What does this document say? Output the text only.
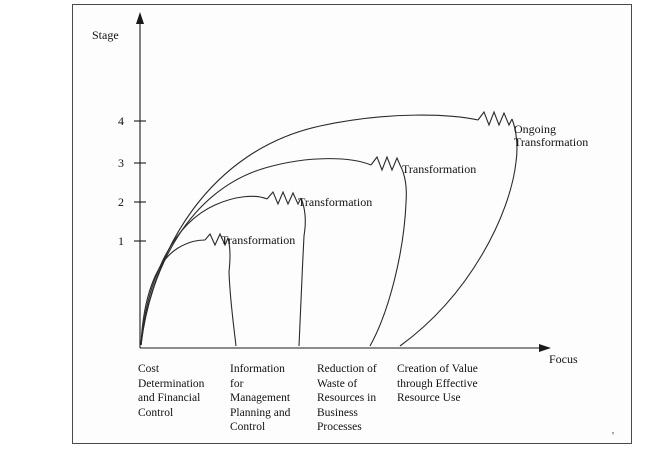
Stage
Focus
1
2
3
4
Transformation
Transformation
Transformation
Ongoing
Transformation
Cost
Determination
and Financial
Control
Information
for
Management
Planning and
Control
Reduction of
Waste of
Resources in
Business
Processes
Creation of Value
through Effective
Resource Use
'
